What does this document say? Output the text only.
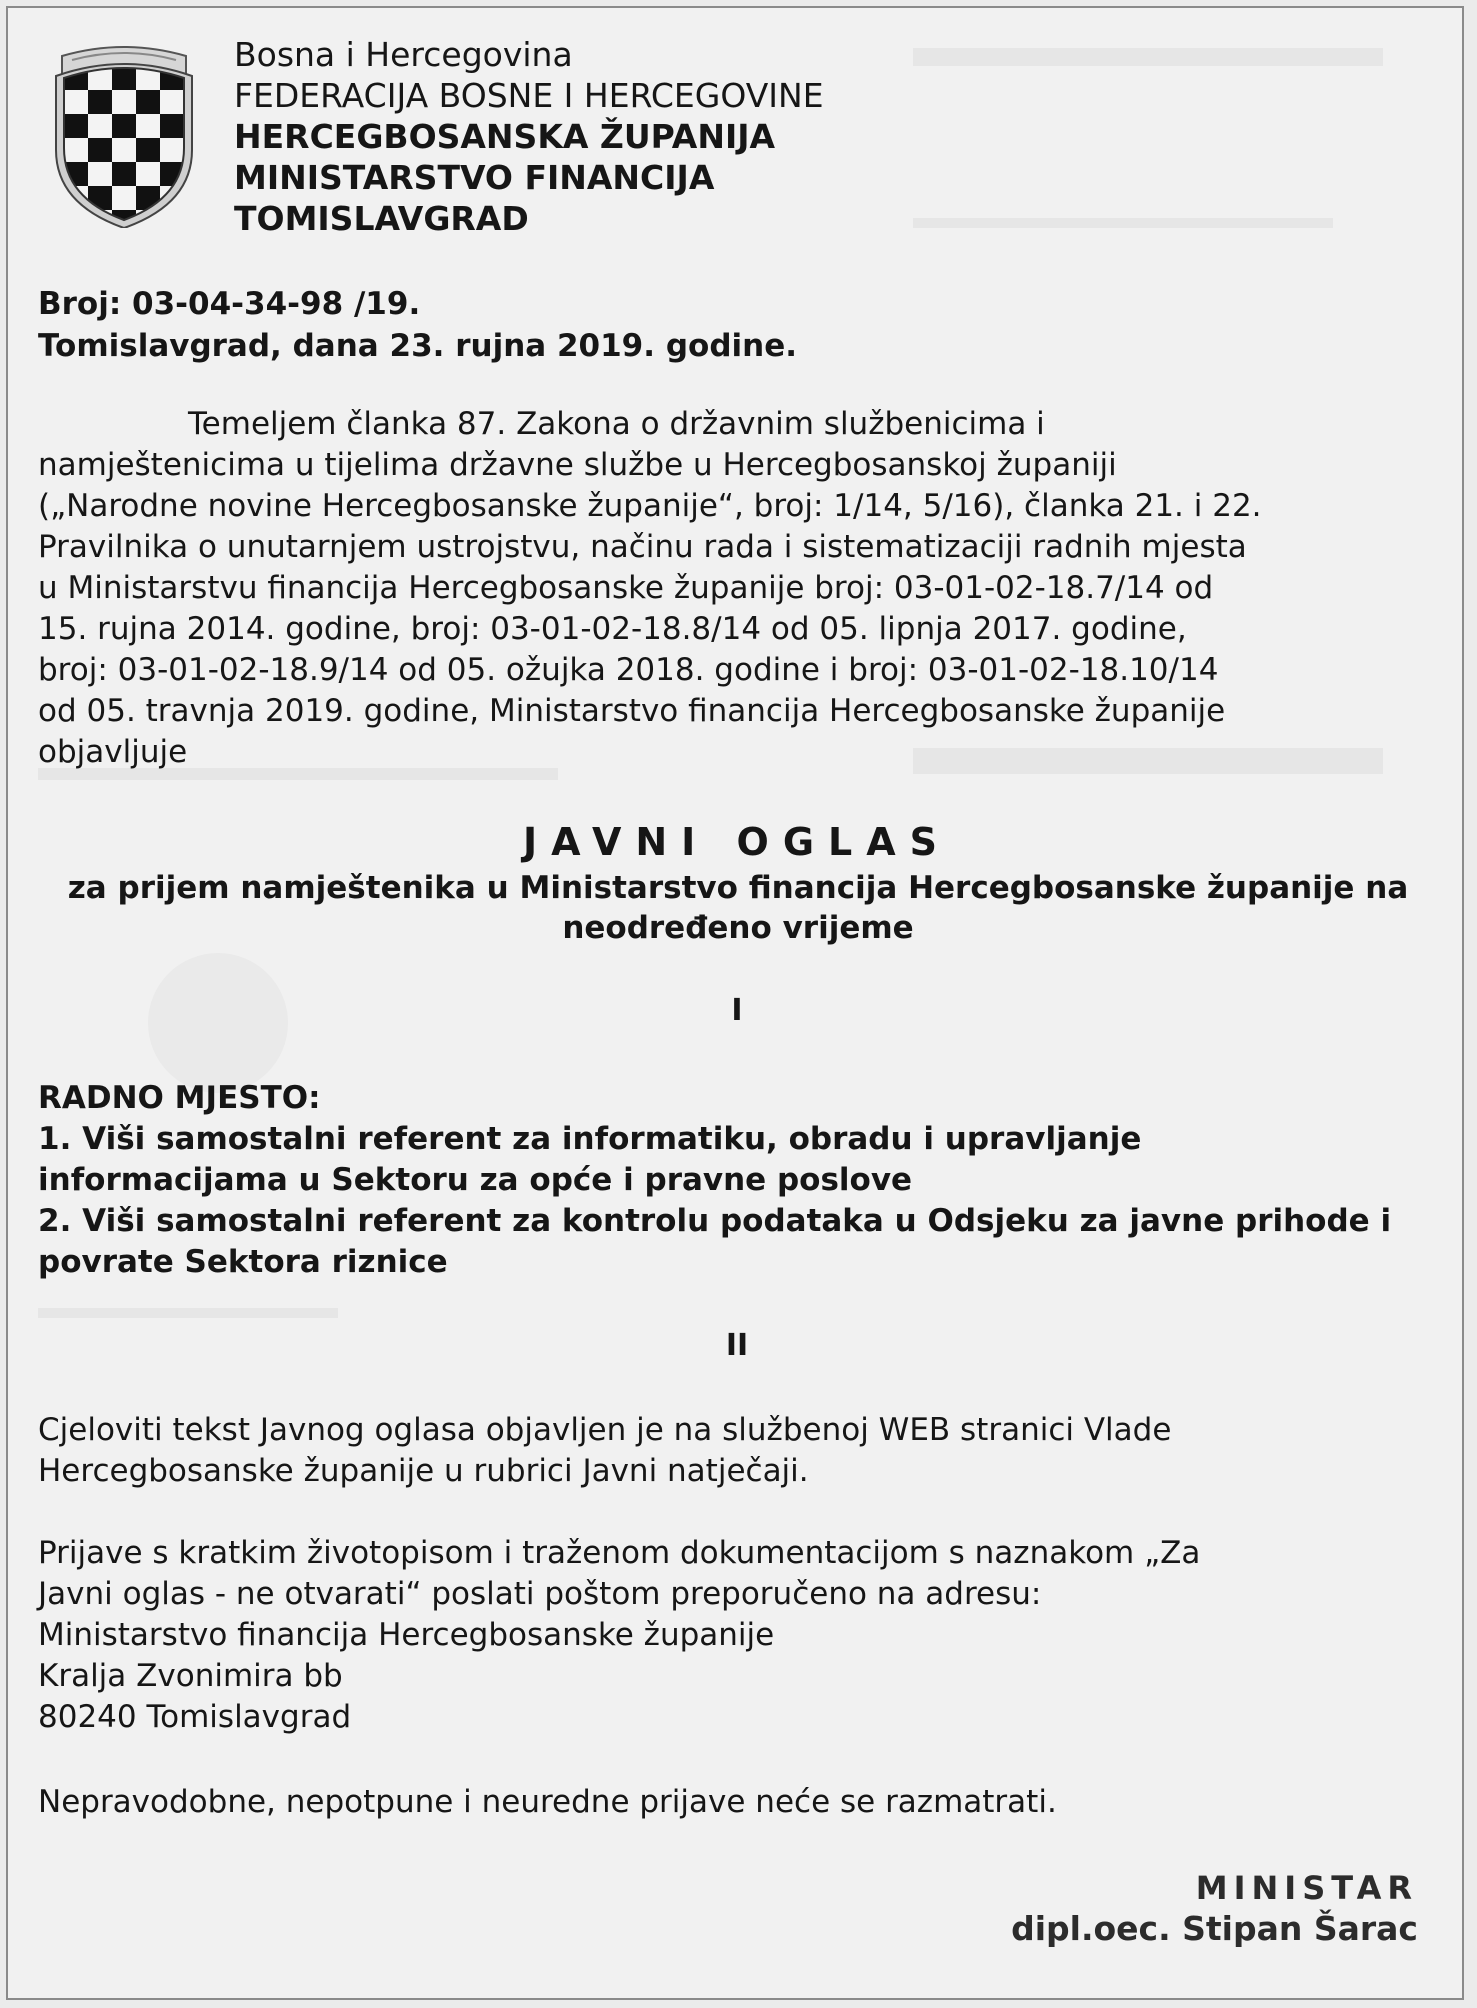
Bosna i Hercegovina
FEDERACIJA BOSNE I HERCEGOVINE
HERCEGBOSANSKA ŽUPANIJA
MINISTARSTVO FINANCIJA
TOMISLAVGRAD
Broj: 03-04-34-98 /19.
Tomislavgrad, dana 23. rujna 2019. godine.
Temeljem članka 87. Zakona o državnim službenicima i
namještenicima u tijelima državne službe u Hercegbosanskoj županiji
(„Narodne novine Hercegbosanske županije“, broj: 1/14, 5/16), članka 21. i 22.
Pravilnika o unutarnjem ustrojstvu, načinu rada i sistematizaciji radnih mjesta
u Ministarstvu financija Hercegbosanske županije broj: 03-01-02-18.7/14 od
15. rujna 2014. godine, broj: 03-01-02-18.8/14 od 05. lipnja 2017. godine,
broj: 03-01-02-18.9/14 od 05. ožujka 2018. godine i broj: 03-01-02-18.10/14
od 05. travnja 2019. godine, Ministarstvo financija Hercegbosanske županije
objavljuje
JAVNI OGLAS
za prijem namještenika u Ministarstvo financija Hercegbosanske županije na
neodređeno vrijeme
I
RADNO MJESTO:
1. Viši samostalni referent za informatiku, obradu i upravljanje
informacijama u Sektoru za opće i pravne poslove
2. Viši samostalni referent za kontrolu podataka u Odsjeku za javne prihode i
povrate Sektora riznice
II
Cjeloviti tekst Javnog oglasa objavljen je na službenoj WEB stranici Vlade
Hercegbosanske županije u rubrici Javni natječaji.
Prijave s kratkim životopisom i traženom dokumentacijom s naznakom „Za
Javni oglas - ne otvarati“ poslati poštom preporučeno na adresu:
Ministarstvo financija Hercegbosanske županije
Kralja Zvonimira bb
80240 Tomislavgrad
Nepravodobne, nepotpune i neuredne prijave neće se razmatrati.
MINISTAR
dipl.oec. Stipan Šarac
